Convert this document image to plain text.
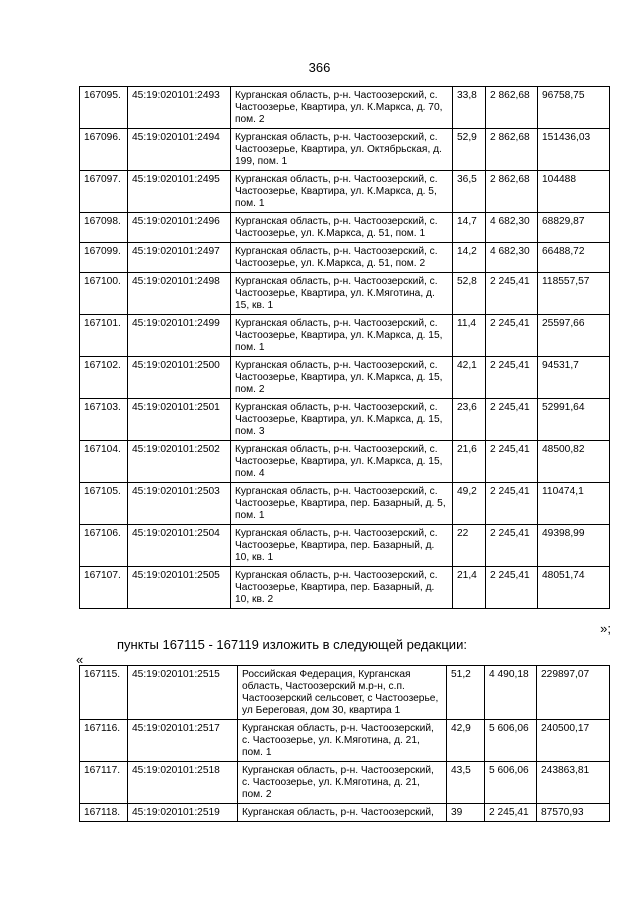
366
167095.	45:19:020101:2493	Курганская область, р-н. Частоозерский, с. Частоозерье, Квартира, ул. К.Маркса, д. 70, пом. 2	33,8	2 862,68	96758,75
167096.	45:19:020101:2494	Курганская область, р-н. Частоозерский, с. Частоозерье, Квартира, ул. Октябрьская, д. 199, пом. 1	52,9	2 862,68	151436,03
167097.	45:19:020101:2495	Курганская область, р-н. Частоозерский, с. Частоозерье, Квартира, ул. К.Маркса, д. 5, пом. 1	36,5	2 862,68	104488
167098.	45:19:020101:2496	Курганская область, р-н. Частоозерский, с. Частоозерье, ул. К.Маркса, д. 51, пом. 1	14,7	4 682,30	68829,87
167099.	45:19:020101:2497	Курганская область, р-н. Частоозерский, с. Частоозерье, ул. К.Маркса, д. 51, пом. 2	14,2	4 682,30	66488,72
167100.	45:19:020101:2498	Курганская область, р-н. Частоозерский, с. Частоозерье, Квартира, ул. К.Мяготина, д. 15, кв. 1	52,8	2 245,41	118557,57
167101.	45:19:020101:2499	Курганская область, р-н. Частоозерский, с. Частоозерье, Квартира, ул. К.Маркса, д. 15, пом. 1	11,4	2 245,41	25597,66
167102.	45:19:020101:2500	Курганская область, р-н. Частоозерский, с. Частоозерье, Квартира, ул. К.Маркса, д. 15, пом. 2	42,1	2 245,41	94531,7
167103.	45:19:020101:2501	Курганская область, р-н. Частоозерский, с. Частоозерье, Квартира, ул. К.Маркса, д. 15, пом. 3	23,6	2 245,41	52991,64
167104.	45:19:020101:2502	Курганская область, р-н. Частоозерский, с. Частоозерье, Квартира, ул. К.Маркса, д. 15, пом. 4	21,6	2 245,41	48500,82
167105.	45:19:020101:2503	Курганская область, р-н. Частоозерский, с. Частоозерье, Квартира, пер. Базарный, д. 5, пом. 1	49,2	2 245,41	110474,1
167106.	45:19:020101:2504	Курганская область, р-н. Частоозерский, с. Частоозерье, Квартира, пер. Базарный, д. 10, кв. 1	22	2 245,41	49398,99
167107.	45:19:020101:2505	Курганская область, р-н. Частоозерский, с. Частоозерье, Квартира, пер. Базарный, д. 10, кв. 2	21,4	2 245,41	48051,74
»;
пункты 167115 - 167119 изложить в следующей редакции:
«
167115.	45:19:020101:2515	Российская Федерация, Курганская область, Частоозерский м.р-н, с.п. Частоозерский сельсовет, с Частоозерье, ул Береговая, дом 30, квартира 1	51,2	4 490,18	229897,07
167116.	45:19:020101:2517	Курганская область, р-н. Частоозерский, с. Частоозерье, ул. К.Мяготина, д. 21, пом. 1	42,9	5 606,06	240500,17
167117.	45:19:020101:2518	Курганская область, р-н. Частоозерский, с. Частоозерье, ул. К.Мяготина, д. 21, пом. 2	43,5	5 606,06	243863,81
167118.	45:19:020101:2519	Курганская область, р-н. Частоозерский,	39	2 245,41	87570,93
